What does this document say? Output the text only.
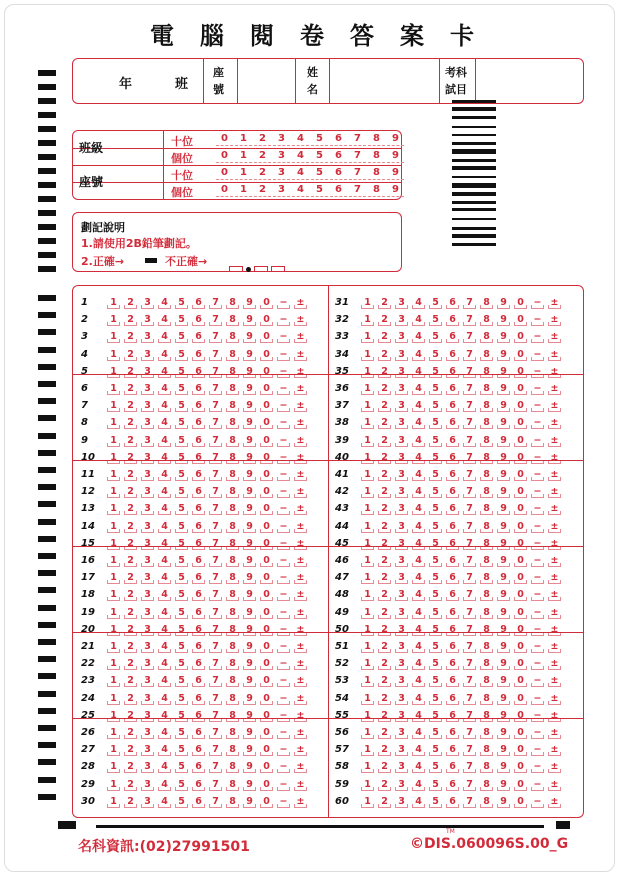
電腦閱卷答案卡
年	班
座
號
姓
名
考科
試目
班級
座號
十位
個位
十位
個位
0 1 2 3 4 5 6 7 8 9
0 1 2 3 4 5 6 7 8 9
0 1 2 3 4 5 6 7 8 9
0 1 2 3 4 5 6 7 8 9
劃記說明
1.請使用2B鉛筆劃記。
2.正確→	不正確→
1 1 2 3 4 5 6 7 8 9 0 − ±
2 1 2 3 4 5 6 7 8 9 0 − ±
3 1 2 3 4 5 6 7 8 9 0 − ±
4 1 2 3 4 5 6 7 8 9 0 − ±
5 1 2 3 4 5 6 7 8 9 0 − ±
6 1 2 3 4 5 6 7 8 9 0 − ±
7 1 2 3 4 5 6 7 8 9 0 − ±
8 1 2 3 4 5 6 7 8 9 0 − ±
9 1 2 3 4 5 6 7 8 9 0 − ±
10 1 2 3 4 5 6 7 8 9 0 − ±
11 1 2 3 4 5 6 7 8 9 0 − ±
12 1 2 3 4 5 6 7 8 9 0 − ±
13 1 2 3 4 5 6 7 8 9 0 − ±
14 1 2 3 4 5 6 7 8 9 0 − ±
15 1 2 3 4 5 6 7 8 9 0 − ±
16 1 2 3 4 5 6 7 8 9 0 − ±
17 1 2 3 4 5 6 7 8 9 0 − ±
18 1 2 3 4 5 6 7 8 9 0 − ±
19 1 2 3 4 5 6 7 8 9 0 − ±
20 1 2 3 4 5 6 7 8 9 0 − ±
21 1 2 3 4 5 6 7 8 9 0 − ±
22 1 2 3 4 5 6 7 8 9 0 − ±
23 1 2 3 4 5 6 7 8 9 0 − ±
24 1 2 3 4 5 6 7 8 9 0 − ±
25 1 2 3 4 5 6 7 8 9 0 − ±
26 1 2 3 4 5 6 7 8 9 0 − ±
27 1 2 3 4 5 6 7 8 9 0 − ±
28 1 2 3 4 5 6 7 8 9 0 − ±
29 1 2 3 4 5 6 7 8 9 0 − ±
30 1 2 3 4 5 6 7 8 9 0 − ±
31 1 2 3 4 5 6 7 8 9 0 − ±
32 1 2 3 4 5 6 7 8 9 0 − ±
33 1 2 3 4 5 6 7 8 9 0 − ±
34 1 2 3 4 5 6 7 8 9 0 − ±
35 1 2 3 4 5 6 7 8 9 0 − ±
36 1 2 3 4 5 6 7 8 9 0 − ±
37 1 2 3 4 5 6 7 8 9 0 − ±
38 1 2 3 4 5 6 7 8 9 0 − ±
39 1 2 3 4 5 6 7 8 9 0 − ±
40 1 2 3 4 5 6 7 8 9 0 − ±
41 1 2 3 4 5 6 7 8 9 0 − ±
42 1 2 3 4 5 6 7 8 9 0 − ±
43 1 2 3 4 5 6 7 8 9 0 − ±
44 1 2 3 4 5 6 7 8 9 0 − ±
45 1 2 3 4 5 6 7 8 9 0 − ±
46 1 2 3 4 5 6 7 8 9 0 − ±
47 1 2 3 4 5 6 7 8 9 0 − ±
48 1 2 3 4 5 6 7 8 9 0 − ±
49 1 2 3 4 5 6 7 8 9 0 − ±
50 1 2 3 4 5 6 7 8 9 0 − ±
51 1 2 3 4 5 6 7 8 9 0 − ±
52 1 2 3 4 5 6 7 8 9 0 − ±
53 1 2 3 4 5 6 7 8 9 0 − ±
54 1 2 3 4 5 6 7 8 9 0 − ±
55 1 2 3 4 5 6 7 8 9 0 − ±
56 1 2 3 4 5 6 7 8 9 0 − ±
57 1 2 3 4 5 6 7 8 9 0 − ±
58 1 2 3 4 5 6 7 8 9 0 − ±
59 1 2 3 4 5 6 7 8 9 0 − ±
60 1 2 3 4 5 6 7 8 9 0 − ±
名科資訊:(02)27991501
TM
©DIS.060096S.00_G
